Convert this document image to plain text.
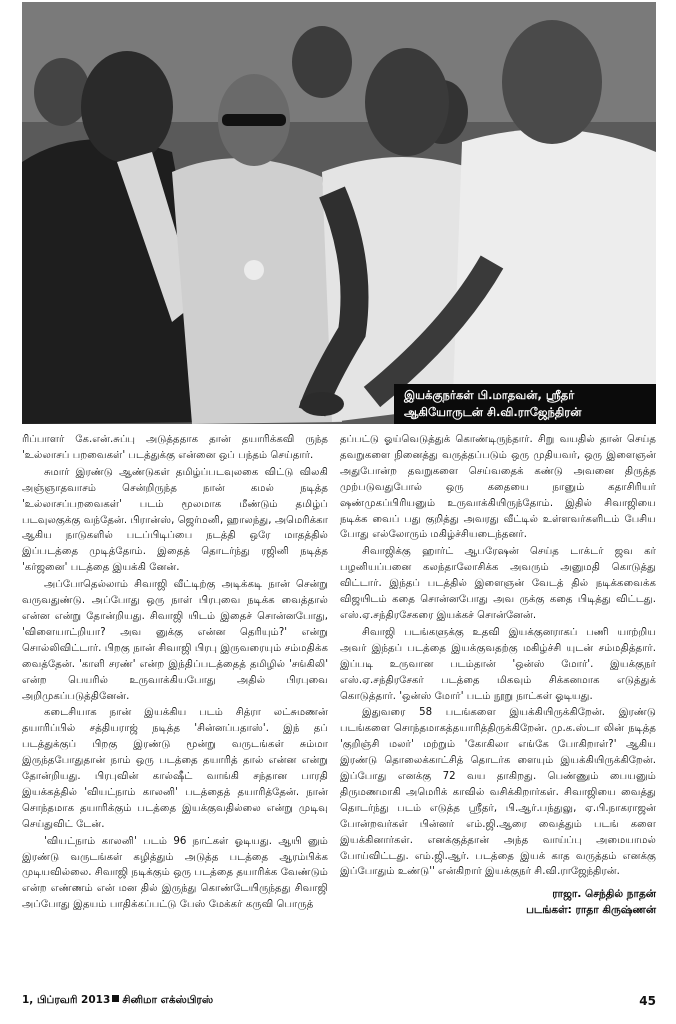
இயக்குநர்கள் பி.மாதவன், ஸ்ரீதர்
ஆகியோருடன் சி.வி.ராஜேந்திரன்

ரிப்பாளர் கே.என்.சுப்பு அடுத்ததாக தான் தயாரிக்கவி ருந்த 'உல்லாசப் பறவைகள்' படத்துக்கு என்னை ஒப் பந்தம் செய்தார்.

சுமார் இரண்டு ஆண்டுகள் தமிழ்ப்படவுலகை விட்டு விலகி அஞ்ஞாதவாசம் சென்றிருந்த நான் கமல் நடித்த 'உல்லாசப்பறவைகள்' படம் மூலமாக மீண்டும் தமிழ்ப் படவுலகுக்கு வந்தேன். பிரான்ஸ், ஜெர்மனி, ஹாலந்து, அமெரிக்கா ஆகிய நாடுகளில் படப்பிடிப்பை நடத்தி ஒரே மாதத்தில் இப்படத்தை முடித்தோம். இதைத் தொடர்ந்து ரஜினி நடித்த 'கர்ஜனை' படத்தை இயக்கி னேன்.

அப்போதெல்லாம் சிவாஜி வீட்டிற்கு அடிக்கடி நான் சென்று வருவதுண்டு. அப்போது ஒரு நாள் பிரபுவை நடிக்க வைத்தால் என்ன என்று தோன்றியது. சிவாஜி யிடம் இதைச் சொன்னபோது, 'விளையாட்றியா? அவ னுக்கு என்ன தெரியும்?' என்று சொல்லிவிட்டார். பிறகு நான் சிவாஜி பிரபு இருவரையும் சம்மதிக்க வைத்தேன். 'காளி சரண்' என்ற இந்திப்படத்தைத் தமிழில் 'சங்கிலி' என்ற பெயரில் உருவாக்கியபோது அதில் பிரபுவை அறிமுகப்படுத்தினேன்.

கடைசியாக நான் இயக்கிய படம் சித்ரா லட்சுமணன் தயாரிப்பில் சத்தியராஜ் நடித்த 'சின்னப்பதாஸ்'. இந் தப் படத்துக்குப் பிறகு இரண்டு மூன்று வருடங்கள் சும்மா இருந்தபோதுதான் நாம் ஒரு படத்தை தயாரித் தால் என்ன என்று தோன்றியது. பிரபுவின் கால்ஷீட் வாங்கி சந்தான பாரதி இயக்கத்தில் 'வியட்நாம் காலனி' படத்தைத் தயாரித்தேன். நான் சொந்தமாக தயாரிக்கும் படத்தை இயக்குவதில்லை என்று முடிவு செய்துவிட் டேன்.

'வியட்நாம் காலனி' படம் 96 நாட்கள் ஓடியது. ஆயி னும் இரண்டு வருடங்கள் கழித்தும் அடுத்த படத்தை ஆரம்பிக்க முடியவில்லை. சிவாஜி நடிக்கும் ஒரு படத்தை தயாரிக்க வேண்டும் என்ற எண்ணம் என் மன தில் இருந்து கொண்டேயிருந்தது சிவாஜி அப்போது இதயம் பாதிக்கப்பட்டு பேஸ் மேக்கர் கருவி பொருத்

தப்பட்டு ஓய்வெடுத்துக் கொண்டிருந்தார். சிறு வயதில் தான் செய்த தவறுகளை நினைத்து வருத்தப்படும் ஒரு முதியவர், ஒரு இளைஞன் அதுபோன்ற தவறுகளை செய்வதைக் கண்டு அவனை திருத்த முற்படுவதுபோல் ஒரு கதையை நானும் கதாசிரியர் ஷண்முகப்பிரியனும் உருவாக்கியிருந்தோம். இதில் சிவாஜியை நடிக்க வைப் பது குறித்து அவரது வீட்டில் உள்ளவர்களிடம் பேசிய போது எல்லோரும் மகிழ்ச்சியடைந்தனர்.

சிவாஜிக்கு ஹார்ட் ஆபரேஷன் செய்த டாக்டர் ஜவ கர் பழனியப்பனை கலந்தாலோசிக்க அவரும் அனுமதி கொடுத்து விட்டார். இந்தப் படத்தில் இளைஞன் வேடத் தில் நடிக்கவைக்க விஜயிடம் கதை சொன்னபோது அவ ருக்கு கதை பிடித்து விட்டது. எஸ்.ஏ.சந்திரசேகரை இயக்கச் சொன்னேன்.

சிவாஜி படங்களுக்கு உதவி இயக்குனராகப் பணி யாற்றிய அவர் இந்தப் படத்தை இயக்குவதற்கு மகிழ்ச்சி யுடன் சம்மதித்தார். இப்படி உருவான படம்தான் 'ஒன்ஸ் மோர்'. இயக்குநர் எஸ்.ஏ.சந்திரசேகர் படத்தை மிகவும் சிக்கனமாக எடுத்துக் கொடுத்தார். 'ஒன்ஸ் மோர்' படம் நூறு நாட்கள் ஓடியது.

இதுவரை 58 படங்களை இயக்கியிருக்கிறேன். இரண்டு படங்களை சொந்தமாகத்தயாரித்திருக்கிறேன். மு.க.ஸ்டா லின் நடித்த 'குறிஞ்சி மலர்' மற்றும் 'கோகிலா எங்கே போகிறாள்?' ஆகிய இரண்டு தொலைக்காட்சித் தொடர்க ளையும் இயக்கியிருக்கிறேன். இப்போது எனக்கு 72 வய தாகிறது. பெண்ணும் பையனும் திருமணமாகி அமெரிக் காவில் வசிக்கிறார்கள். சிவாஜியை வைத்து தொடர்ந்து படம் எடுத்த ஸ்ரீதர், பி.ஆர்.பந்துலு, ஏ.பி.நாகராஜன் போன்றவர்கள் பின்னர் எம்.ஜி.ஆரை வைத்தும் படங் களை இயக்கினார்கள். எனக்குத்தான் அந்த வாய்ப்பு அமையாமல் போய்விட்டது. எம்.ஜி.ஆர். படத்தை இயக் காத வருத்தம் எனக்கு இப்போதும் உண்டு'' என்கிறார் இயக்குநர் சி.வி.ராஜேந்திரன்.

ராஜா. செந்தில் நாதன்
படங்கள்: ராதா கிருஷ்ணன்
1, பிப்ரவரி 2013 சினிமா எக்ஸ்பிரஸ்	45
